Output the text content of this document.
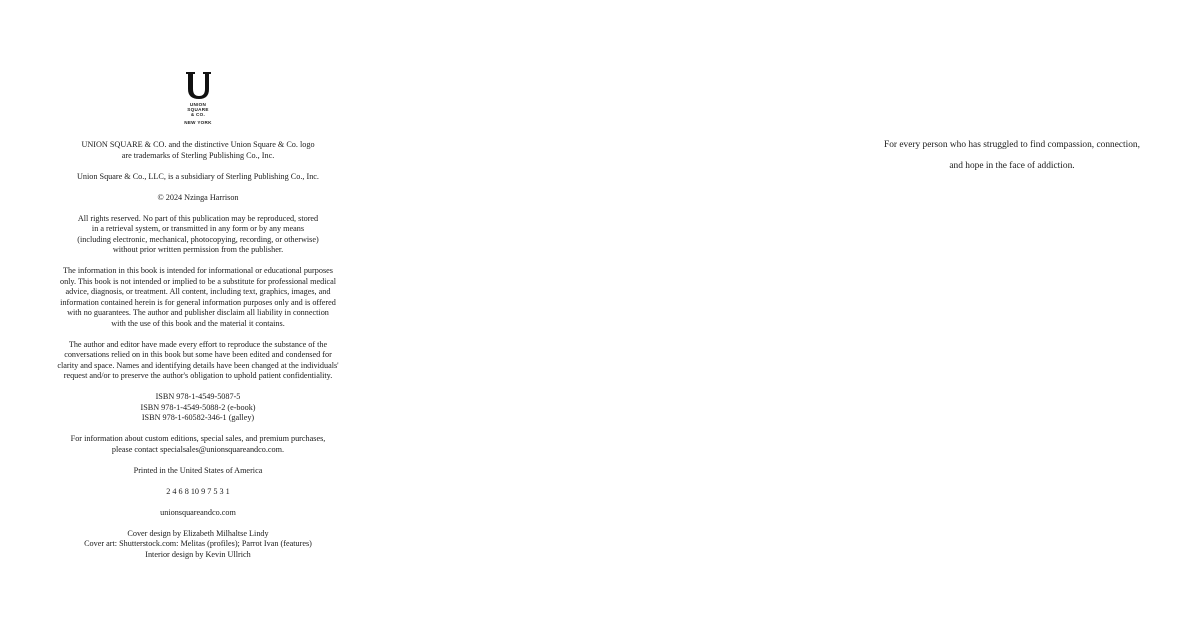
UNION
SQUARE
& CO.
NEW YORK

UNION SQUARE & CO. and the distinctive Union Square & Co. logo
are trademarks of Sterling Publishing Co., Inc.

Union Square & Co., LLC, is a subsidiary of Sterling Publishing Co., Inc.

© 2024 Nzinga Harrison

All rights reserved. No part of this publication may be reproduced, stored
in a retrieval system, or transmitted in any form or by any means
(including electronic, mechanical, photocopying, recording, or otherwise)
without prior written permission from the publisher.

The information in this book is intended for informational or educational purposes
only. This book is not intended or implied to be a substitute for professional medical
advice, diagnosis, or treatment. All content, including text, graphics, images, and
information contained herein is for general information purposes only and is offered
with no guarantees. The author and publisher disclaim all liability in connection
with the use of this book and the material it contains.

The author and editor have made every effort to reproduce the substance of the
conversations relied on in this book but some have been edited and condensed for
clarity and space. Names and identifying details have been changed at the individuals'
request and/or to preserve the author's obligation to uphold patient confidentiality.

ISBN 978-1-4549-5087-5
ISBN 978-1-4549-5088-2 (e-book)
ISBN 978-1-60582-346-1 (galley)

For information about custom editions, special sales, and premium purchases,
please contact specialsales@unionsquareandco.com.

Printed in the United States of America

2 4 6 8 10 9 7 5 3 1

unionsquareandco.com

Cover design by Elizabeth Milhaltse Lindy
Cover art: Shutterstock.com: Melitas (profiles); Parrot Ivan (features)
Interior design by Kevin Ullrich

For every person who has struggled to find compassion, connection,

and hope in the face of addiction.
